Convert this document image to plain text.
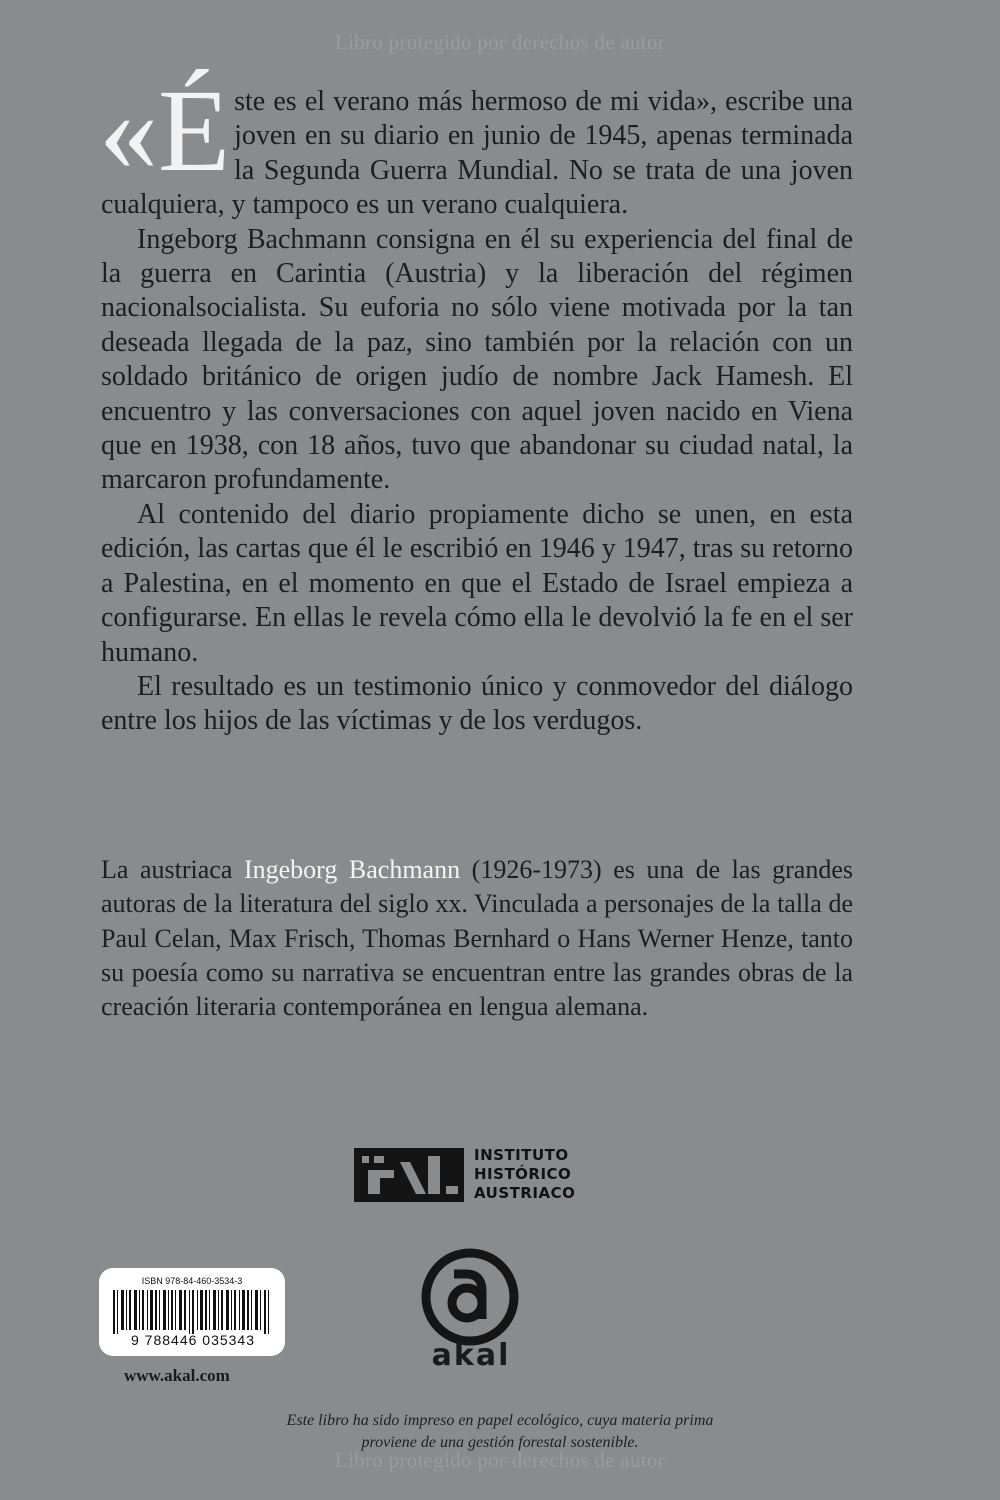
Libro protegido por derechos de autor

«Éste es el verano más hermoso de mi vida», escribe una joven en su diario en junio de 1945, apenas terminada la Segunda Guerra Mundial. No se trata de una joven cualquiera, y tampoco es un verano cualquiera.

Ingeborg Bachmann consigna en él su experiencia del final de la guerra en Carintia (Austria) y la liberación del régimen nacionalsocialista. Su euforia no sólo viene motivada por la tan deseada llegada de la paz, sino también por la relación con un soldado británico de origen judío de nombre Jack Hamesh. El encuentro y las conversaciones con aquel joven nacido en Viena que en 1938, con 18 años, tuvo que abandonar su ciudad natal, la marcaron profundamente.

Al contenido del diario propiamente dicho se unen, en esta edición, las cartas que él le escribió en 1946 y 1947, tras su retorno a Palestina, en el momento en que el Estado de Israel empieza a configurarse. En ellas le revela cómo ella le devolvió la fe en el ser humano.

El resultado es un testimonio único y conmovedor del diálogo entre los hijos de las víctimas y de los verdugos.

La austriaca Ingeborg Bachmann (1926-1973) es una de las grandes autoras de la literatura del siglo xx. Vinculada a personajes de la talla de Paul Celan, Max Frisch, Thomas Bernhard o Hans Werner Henze, tanto su poesía como su narrativa se encuentran entre las grandes obras de la creación literaria contemporánea en lengua alemana.

INSTITUTO
HISTÓRICO
AUSTRIACO
ISBN 978-84-460-3534-3
9 788446 035343
www.akal.com
akal
Este libro ha sido impreso en papel ecológico, cuya materia prima
proviene de una gestión forestal sostenible.
Libro protegido por derechos de autor
